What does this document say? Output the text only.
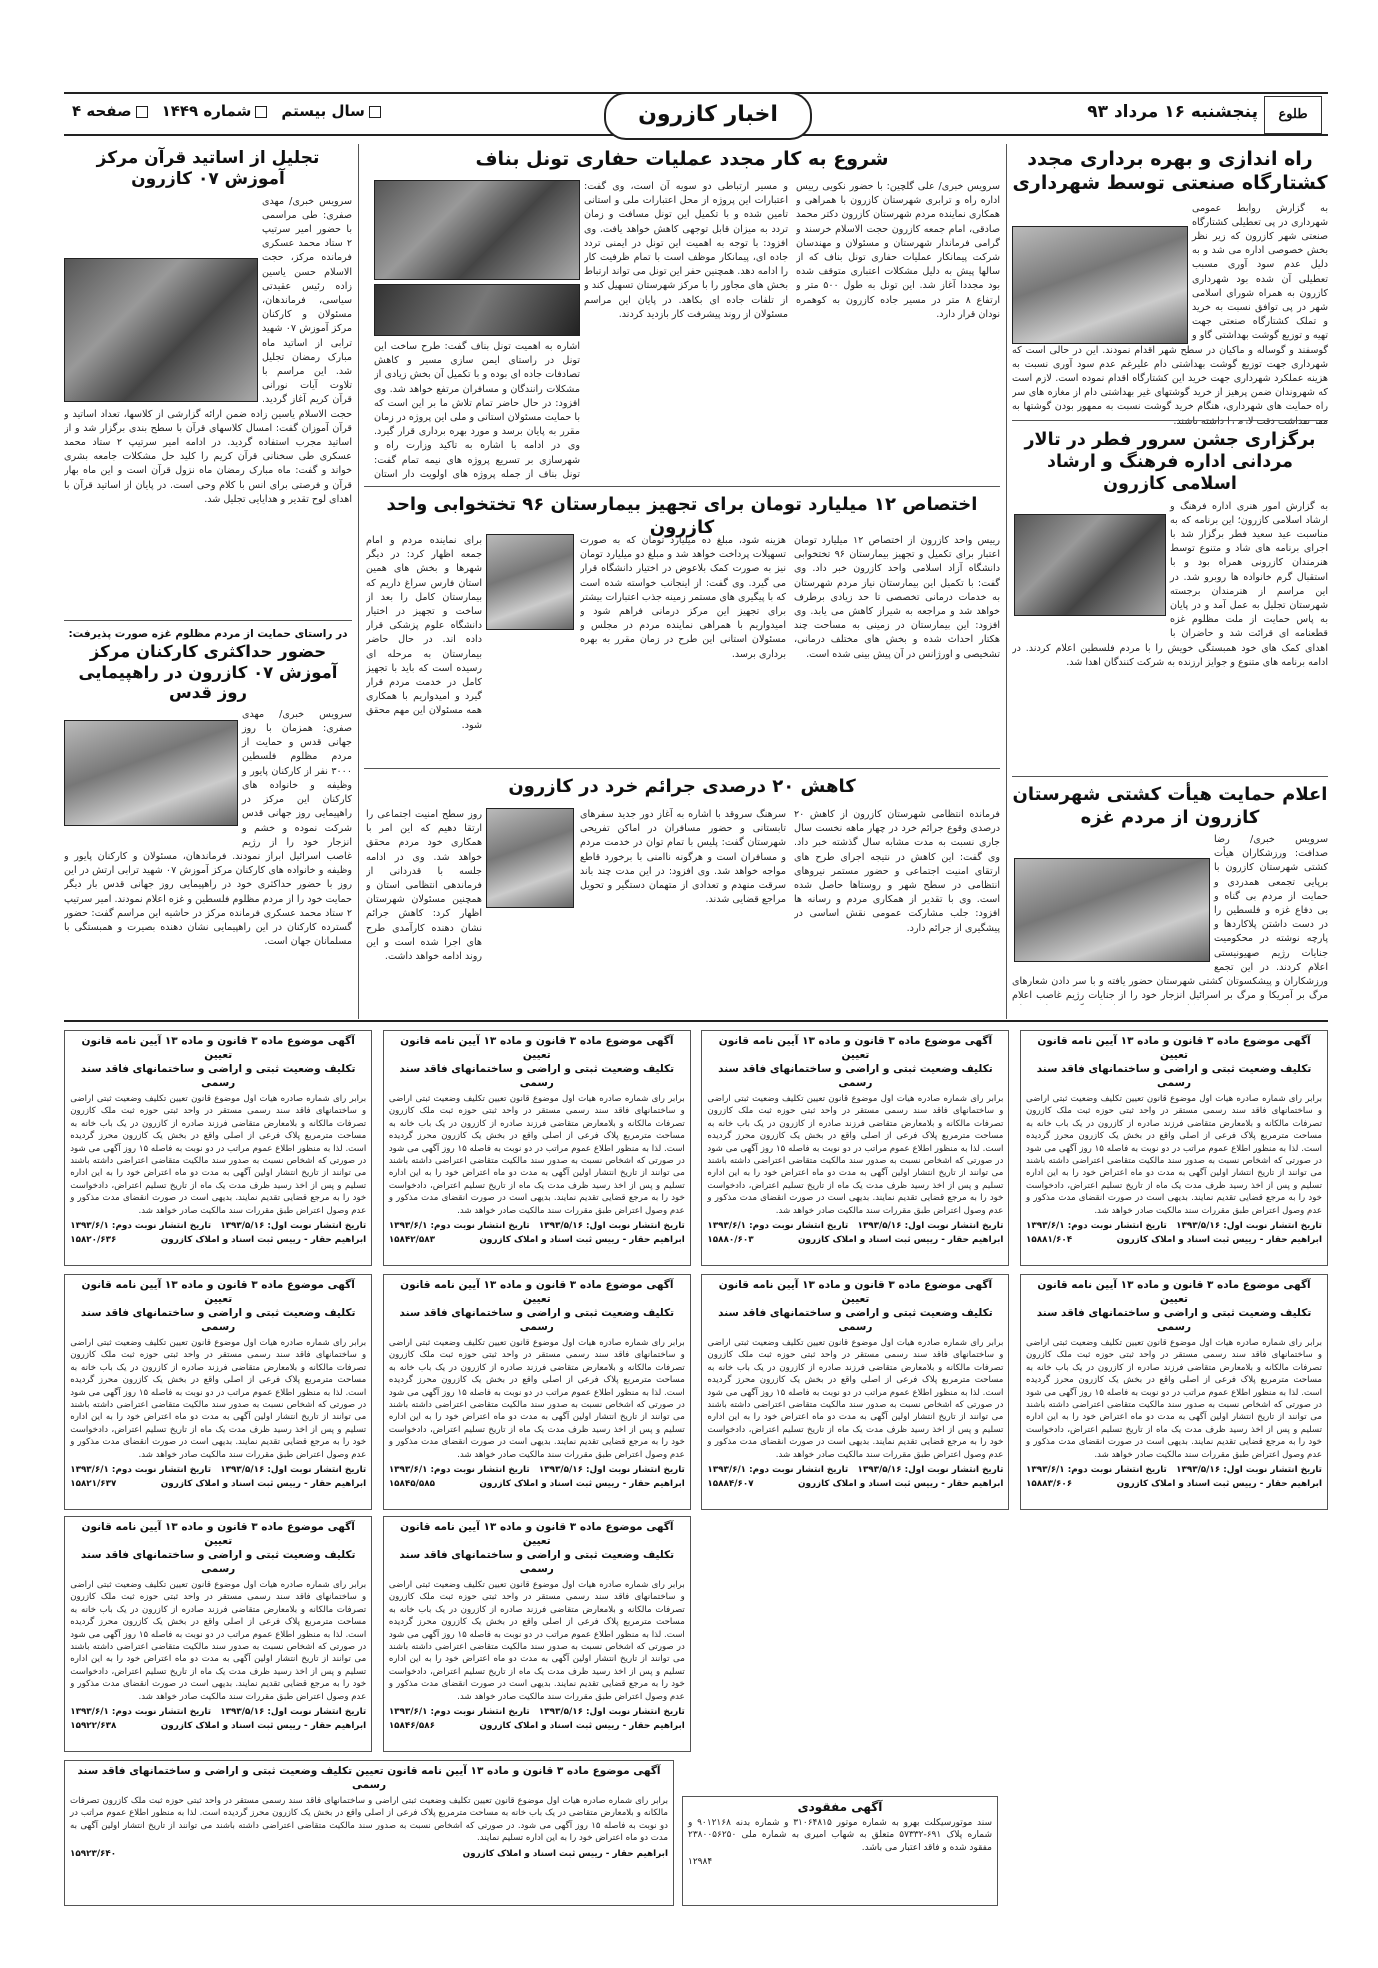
طلوع
پنجشنبه ۱۶ مرداد ۹۳
اخبار کازرون
سال بیستم
شماره ۱۴۴۹
صفحه ۴
راه اندازی و بهره برداری مجدد کشتارگاه صنعتی توسط شهرداری
به گزارش روابط عمومی شهرداری در پی تعطیلی کشتارگاه صنعتی شهر کازرون که زیر نظر بخش خصوصی اداره می شد و به دلیل عدم سود آوری مسبب تعطیلی آن شده بود شهرداری کازرون به همراه شورای اسلامی شهر در پی توافق نسبت به خرید و تملک کشتارگاه صنعتی جهت تهیه و توزیع گوشت بهداشتی گاو و گوسفند و گوساله و ماکیان در سطح شهر اقدام نمودند. این در حالی است که شهرداری جهت توزیع گوشت بهداشتی دام علیرغم عدم سود آوری نسبت به هزینه عملکرد شهرداری جهت خرید این کشتارگاه اقدام نموده است. لازم است که شهروندان ضمن پرهیز از خرید گوشتهای غیر بهداشتی دام از مغازه های سر راه حمایت های شهرداری، هنگام خرید گوشت نسبت به ممهور بودن گوشتها به
برگزاری جشن سرور فطر در تالار مردانی اداره فرهنگ و ارشاد اسلامی کازرون
به گزارش امور هنری اداره فرهنگ و ارشاد اسلامی کازرون؛ این برنامه که به مناسبت عید سعید فطر برگزار شد با اجرای برنامه های شاد و متنوع توسط هنرمندان کازرونی همراه بود و با استقبال گرم خانواده ها روبرو شد. در این مراسم از هنرمندان برجسته شهرستان تجلیل به عمل آمد و در پایان به پاس حمایت از ملت مظلوم غزه قطعنامه ای قرائت شد و حاضران با اهدای کمک های خود همبستگی خویش را با مردم فلسطین اعلام کردند. در ادامه برنامه های متنوع و جوایز ارزنده به شرکت کنندگان اهدا شد.
اعلام حمایت هیأت کشتی شهرستان کازرون از مردم غزه
سرویس خبری/ رضا صدافت: ورزشکاران هیأت کشتی شهرستان کازرون با برپایی تجمعی همدردی و حمایت از مردم بی گناه و بی دفاع غزه و فلسطین را در دست داشتن پلاکاردها و پارچه نوشته در محکومیت جنایات رژیم صهیونیستی اعلام کردند. در این تجمع ورزشکاران و پیشکسوتان کشتی شهرستان حضور یافته و با سر دادن شعارهای مرگ بر آمریکا و مرگ بر اسرائیل انزجار خود را از جنایات رژیم غاصب اعلام
شروع به کار مجدد عملیات حفاری تونل بناف
سرویس خبری/ علی گلچین: با حضور نکویی رییس اداره راه و ترابری شهرستان کازرون با همراهی و همکاری نماینده مردم شهرستان کازرون دکتر محمد صادقی، امام جمعه کازرون حجت الاسلام خرسند و گرامی فرماندار شهرستان و مسئولان و مهندسان شرکت پیمانکار عملیات حفاری تونل بناف که از سالها پیش به دلیل مشکلات اعتباری متوقف شده بود مجددا آغاز شد. این تونل به طول ۵۰۰ متر و ارتفاع ۸ متر در مسیر جاده کازرون به کوهمره نودان قرار دارد.
و مسیر ارتباطی دو سویه آن است، وی گفت: اعتبارات این پروژه از محل اعتبارات ملی و استانی تامین شده و با تکمیل این تونل مسافت و زمان تردد به میزان قابل توجهی کاهش خواهد یافت. وی افزود: با توجه به اهمیت این تونل در ایمنی تردد جاده ای، پیمانکار موظف است با تمام ظرفیت کار را ادامه دهد. همچنین حفر این تونل می تواند ارتباط بخش های مجاور را با مرکز شهرستان تسهیل کند و از تلفات جاده ای بکاهد. در پایان این مراسم مسئولان از روند پیشرفت کار بازدید کردند.
اشاره به اهمیت تونل بناف گفت: طرح ساخت این تونل در راستای ایمن سازی مسیر و کاهش تصادفات جاده ای بوده و با تکمیل آن بخش زیادی از مشکلات رانندگان و مسافران مرتفع خواهد شد. وی افزود: در حال حاضر تمام تلاش ما بر این است که با حمایت مسئولان استانی و ملی این پروژه در زمان مقرر به پایان برسد و مورد بهره برداری قرار گیرد. وی در ادامه با اشاره به تاکید وزارت راه و شهرسازی بر تسریع پروژه های نیمه تمام گفت: تونل بناف از جمله پروژه های اولویت دار استان
اختصاص ۱۲ میلیارد تومان برای تجهیز بیمارستان ۹۶ تختخوابی واحد کازرون
رییس واحد کازرون از اختصاص ۱۲ میلیارد تومان اعتبار برای تکمیل و تجهیز بیمارستان ۹۶ تختخوابی دانشگاه آزاد اسلامی واحد کازرون خبر داد. وی گفت: با تکمیل این بیمارستان نیاز مردم شهرستان به خدمات درمانی تخصصی تا حد زیادی برطرف خواهد شد و مراجعه به شیراز کاهش می یابد. وی افزود: این بیمارستان در زمینی به مساحت چند هکتار احداث شده و بخش های مختلف درمانی، تشخیصی و اورژانس در آن پیش بینی شده است.
هزینه شود، مبلغ ده میلیارد تومان که به صورت تسهیلات پرداخت خواهد شد و مبلغ دو میلیارد تومان نیز به صورت کمک بلاعوض در اختیار دانشگاه قرار می گیرد. وی گفت: از اینجانب خواسته شده است که با پیگیری های مستمر زمینه جذب اعتبارات بیشتر برای تجهیز این مرکز درمانی فراهم شود و امیدواریم با همراهی نماینده مردم در مجلس و مسئولان استانی این طرح در زمان مقرر به بهره برداری برسد.
برای نماینده مردم و امام جمعه اظهار کرد: در دیگر شهرها و بخش های همین استان فارس سراغ داریم که بیمارستان کامل را بعد از ساخت و تجهیز در اختیار دانشگاه علوم پزشکی قرار داده اند. در حال حاضر بیمارستان به مرحله ای رسیده است که باید با تجهیز کامل در خدمت مردم قرار گیرد و امیدواریم با همکاری همه مسئولان این مهم محقق شود.
کاهش ۲۰ درصدی جرائم خرد در کازرون
فرمانده انتظامی شهرستان کازرون از کاهش ۲۰ درصدی وقوع جرائم خرد در چهار ماهه نخست سال جاری نسبت به مدت مشابه سال گذشته خبر داد. وی گفت: این کاهش در نتیجه اجرای طرح های ارتقای امنیت اجتماعی و حضور مستمر نیروهای انتظامی در سطح شهر و روستاها حاصل شده است. وی با تقدیر از همکاری مردم و رسانه ها افزود: جلب مشارکت عمومی نقش اساسی در پیشگیری از جرائم دارد.
سرهنگ سروقد با اشاره به آغاز دور جدید سفرهای تابستانی و حضور مسافران در اماکن تفریحی شهرستان گفت: پلیس با تمام توان در خدمت مردم و مسافران است و هرگونه ناامنی با برخورد قاطع مواجه خواهد شد. وی افزود: در این مدت چند باند سرقت منهدم و تعدادی از متهمان دستگیر و تحویل مراجع قضایی شدند.
روز سطح امنیت اجتماعی را ارتقا دهیم که این امر با همکاری خود مردم محقق خواهد شد. وی در ادامه جلسه با قدردانی از فرماندهی انتظامی استان و همچنین مسئولان شهرستان اظهار کرد: کاهش جرائم نشان دهنده کارآمدی طرح های اجرا شده است و این روند ادامه خواهد داشت.
تجلیل از اساتید قرآن مرکز آموزش ۰۷ کازرون
سرویس خبری/ مهدی صفری: طی مراسمی با حضور امیر سرتیپ ۲ ستاد محمد عسکری فرمانده مرکز، حجت الاسلام حسن یاسین زاده رئیس عقیدتی سیاسی، فرماندهان، مسئولان و کارکنان مرکز آموزش ۰۷ شهید ترابی از اساتید ماه مبارک رمضان تجلیل شد. این مراسم با تلاوت آیات نورانی قرآن کریم آغاز گردید. حجت الاسلام یاسین زاده ضمن ارائه گزارشی از کلاسها، تعداد اساتید و قرآن آموزان گفت: امسال کلاسهای قرآن با سطح بندی برگزار شد و از اساتید مجرب استفاده گردید. در ادامه امیر سرتیپ ۲ ستاد محمد عسکری طی سخنانی قرآن کریم را کلید حل مشکلات جامعه بشری خواند و گفت: ماه مبارک رمضان ماه نزول قرآن است و این ماه بهار قرآن و فرصتی برای انس با کلام وحی است. در پایان از اساتید قرآن با اهدای لوح تقدیر و هدایایی تجلیل شد.
در راستای حمایت از مردم مظلوم غزه صورت پذیرفت:
حضور حداکثری کارکنان مرکز آموزش ۰۷ کازرون در راهپیمایی روز قدس
سرویس خبری/ مهدی صفری: همزمان با روز جهانی قدس و حمایت از مردم مظلوم فلسطین ۳۰۰۰ نفر از کارکنان پایور و وظیفه و خانواده های کارکنان این مرکز در راهپیمایی روز جهانی قدس شرکت نموده و خشم و انزجار خود را از رژیم غاصب اسرائیل ابراز نمودند. فرماندهان، مسئولان و کارکنان پایور و وظیفه و خانواده های کارکنان مرکز آموزش ۰۷ شهید ترابی ارتش در این روز با حضور حداکثری خود در راهپیمایی روز جهانی قدس بار دیگر حمایت خود را از مردم مظلوم فلسطین و غزه اعلام نمودند. امیر سرتیپ ۲ ستاد محمد عسکری فرمانده مرکز در حاشیه این مراسم گفت: حضور گسترده کارکنان در این راهپیمایی نشان دهنده بصیرت و همبستگی با مسلمانان جهان است.
آگهی موضوع ماده ۳ قانون و ماده ۱۳ آیین نامه قانون تعیین
تکلیف وضعیت ثبتی و اراضی و ساختمانهای فاقد سند رسمی
برابر رای شماره صادره هیات اول موضوع قانون تعیین تکلیف وضعیت ثبتی اراضی و ساختمانهای فاقد سند رسمی مستقر در واحد ثبتی حوزه ثبت ملک کازرون تصرفات مالکانه و بلامعارض متقاضی فرزند صادره از کازرون در یک باب خانه به مساحت مترمربع پلاک فرعی از اصلی واقع در بخش یک کازرون محرز گردیده است. لذا به منظور اطلاع عموم مراتب در دو نوبت به فاصله ۱۵ روز آگهی می شود در صورتی که اشخاص نسبت به صدور سند مالکیت متقاضی اعتراضی داشته باشند می توانند از تاریخ انتشار اولین آگهی به مدت دو ماه اعتراض خود را به این اداره تسلیم و پس از اخذ رسید ظرف مدت یک ماه از تاریخ تسلیم اعتراض، دادخواست خود را به مرجع قضایی تقدیم نمایند. بدیهی است در صورت انقضای مدت مذکور و عدم وصول اعتراض طبق مقررات سند مالکیت صادر خواهد شد.
تاریخ انتشار نوبت اول: ۱۳۹۳/۵/۱۶
تاریخ انتشار نوبت دوم: ۱۳۹۳/۶/۱
ابراهیم حقار - رییس ثبت اسناد و املاک کازرون
۱۵۸۸۱/۶۰۴
آگهی موضوع ماده ۳ قانون و ماده ۱۳ آیین نامه قانون تعیین
تکلیف وضعیت ثبتی و اراضی و ساختمانهای فاقد سند رسمی
برابر رای شماره صادره هیات اول موضوع قانون تعیین تکلیف وضعیت ثبتی اراضی و ساختمانهای فاقد سند رسمی مستقر در واحد ثبتی حوزه ثبت ملک کازرون تصرفات مالکانه و بلامعارض متقاضی فرزند صادره از کازرون در یک باب خانه به مساحت مترمربع پلاک فرعی از اصلی واقع در بخش یک کازرون محرز گردیده است. لذا به منظور اطلاع عموم مراتب در دو نوبت به فاصله ۱۵ روز آگهی می شود در صورتی که اشخاص نسبت به صدور سند مالکیت متقاضی اعتراضی داشته باشند می توانند از تاریخ انتشار اولین آگهی به مدت دو ماه اعتراض خود را به این اداره تسلیم و پس از اخذ رسید ظرف مدت یک ماه از تاریخ تسلیم اعتراض، دادخواست خود را به مرجع قضایی تقدیم نمایند. بدیهی است در صورت انقضای مدت مذکور و عدم وصول اعتراض طبق مقررات سند مالکیت صادر خواهد شد.
تاریخ انتشار نوبت اول: ۱۳۹۳/۵/۱۶
تاریخ انتشار نوبت دوم: ۱۳۹۳/۶/۱
ابراهیم حقار - رییس ثبت اسناد و املاک کازرون
۱۵۸۸۰/۶۰۳
آگهی موضوع ماده ۳ قانون و ماده ۱۳ آیین نامه قانون تعیین
تکلیف وضعیت ثبتی و اراضی و ساختمانهای فاقد سند رسمی
برابر رای شماره صادره هیات اول موضوع قانون تعیین تکلیف وضعیت ثبتی اراضی و ساختمانهای فاقد سند رسمی مستقر در واحد ثبتی حوزه ثبت ملک کازرون تصرفات مالکانه و بلامعارض متقاضی فرزند صادره از کازرون در یک باب خانه به مساحت مترمربع پلاک فرعی از اصلی واقع در بخش یک کازرون محرز گردیده است. لذا به منظور اطلاع عموم مراتب در دو نوبت به فاصله ۱۵ روز آگهی می شود در صورتی که اشخاص نسبت به صدور سند مالکیت متقاضی اعتراضی داشته باشند می توانند از تاریخ انتشار اولین آگهی به مدت دو ماه اعتراض خود را به این اداره تسلیم و پس از اخذ رسید ظرف مدت یک ماه از تاریخ تسلیم اعتراض، دادخواست خود را به مرجع قضایی تقدیم نمایند. بدیهی است در صورت انقضای مدت مذکور و عدم وصول اعتراض طبق مقررات سند مالکیت صادر خواهد شد.
تاریخ انتشار نوبت اول: ۱۳۹۳/۵/۱۶
تاریخ انتشار نوبت دوم: ۱۳۹۳/۶/۱
ابراهیم حقار - رییس ثبت اسناد و املاک کازرون
۱۵۸۴۲/۵۸۳
آگهی موضوع ماده ۳ قانون و ماده ۱۳ آیین نامه قانون تعیین
تکلیف وضعیت ثبتی و اراضی و ساختمانهای فاقد سند رسمی
برابر رای شماره صادره هیات اول موضوع قانون تعیین تکلیف وضعیت ثبتی اراضی و ساختمانهای فاقد سند رسمی مستقر در واحد ثبتی حوزه ثبت ملک کازرون تصرفات مالکانه و بلامعارض متقاضی فرزند صادره از کازرون در یک باب خانه به مساحت مترمربع پلاک فرعی از اصلی واقع در بخش یک کازرون محرز گردیده است. لذا به منظور اطلاع عموم مراتب در دو نوبت به فاصله ۱۵ روز آگهی می شود در صورتی که اشخاص نسبت به صدور سند مالکیت متقاضی اعتراضی داشته باشند می توانند از تاریخ انتشار اولین آگهی به مدت دو ماه اعتراض خود را به این اداره تسلیم و پس از اخذ رسید ظرف مدت یک ماه از تاریخ تسلیم اعتراض، دادخواست خود را به مرجع قضایی تقدیم نمایند. بدیهی است در صورت انقضای مدت مذکور و عدم وصول اعتراض طبق مقررات سند مالکیت صادر خواهد شد.
تاریخ انتشار نوبت اول: ۱۳۹۳/۵/۱۶
تاریخ انتشار نوبت دوم: ۱۳۹۳/۶/۱
ابراهیم حقار - رییس ثبت اسناد و املاک کازرون
۱۵۸۲۰/۶۳۶
آگهی موضوع ماده ۳ قانون و ماده ۱۳ آیین نامه قانون تعیین
تکلیف وضعیت ثبتی و اراضی و ساختمانهای فاقد سند رسمی
برابر رای شماره صادره هیات اول موضوع قانون تعیین تکلیف وضعیت ثبتی اراضی و ساختمانهای فاقد سند رسمی مستقر در واحد ثبتی حوزه ثبت ملک کازرون تصرفات مالکانه و بلامعارض متقاضی فرزند صادره از کازرون در یک باب خانه به مساحت مترمربع پلاک فرعی از اصلی واقع در بخش یک کازرون محرز گردیده است. لذا به منظور اطلاع عموم مراتب در دو نوبت به فاصله ۱۵ روز آگهی می شود در صورتی که اشخاص نسبت به صدور سند مالکیت متقاضی اعتراضی داشته باشند می توانند از تاریخ انتشار اولین آگهی به مدت دو ماه اعتراض خود را به این اداره تسلیم و پس از اخذ رسید ظرف مدت یک ماه از تاریخ تسلیم اعتراض، دادخواست خود را به مرجع قضایی تقدیم نمایند. بدیهی است در صورت انقضای مدت مذکور و عدم وصول اعتراض طبق مقررات سند مالکیت صادر خواهد شد.
تاریخ انتشار نوبت اول: ۱۳۹۳/۵/۱۶
تاریخ انتشار نوبت دوم: ۱۳۹۳/۶/۱
ابراهیم حقار - رییس ثبت اسناد و املاک کازرون
۱۵۸۸۳/۶۰۶
آگهی موضوع ماده ۳ قانون و ماده ۱۳ آیین نامه قانون تعیین
تکلیف وضعیت ثبتی و اراضی و ساختمانهای فاقد سند رسمی
برابر رای شماره صادره هیات اول موضوع قانون تعیین تکلیف وضعیت ثبتی اراضی و ساختمانهای فاقد سند رسمی مستقر در واحد ثبتی حوزه ثبت ملک کازرون تصرفات مالکانه و بلامعارض متقاضی فرزند صادره از کازرون در یک باب خانه به مساحت مترمربع پلاک فرعی از اصلی واقع در بخش یک کازرون محرز گردیده است. لذا به منظور اطلاع عموم مراتب در دو نوبت به فاصله ۱۵ روز آگهی می شود در صورتی که اشخاص نسبت به صدور سند مالکیت متقاضی اعتراضی داشته باشند می توانند از تاریخ انتشار اولین آگهی به مدت دو ماه اعتراض خود را به این اداره تسلیم و پس از اخذ رسید ظرف مدت یک ماه از تاریخ تسلیم اعتراض، دادخواست خود را به مرجع قضایی تقدیم نمایند. بدیهی است در صورت انقضای مدت مذکور و عدم وصول اعتراض طبق مقررات سند مالکیت صادر خواهد شد.
تاریخ انتشار نوبت اول: ۱۳۹۳/۵/۱۶
تاریخ انتشار نوبت دوم: ۱۳۹۳/۶/۱
ابراهیم حقار - رییس ثبت اسناد و املاک کازرون
۱۵۸۸۴/۶۰۷
آگهی موضوع ماده ۳ قانون و ماده ۱۳ آیین نامه قانون تعیین
تکلیف وضعیت ثبتی و اراضی و ساختمانهای فاقد سند رسمی
برابر رای شماره صادره هیات اول موضوع قانون تعیین تکلیف وضعیت ثبتی اراضی و ساختمانهای فاقد سند رسمی مستقر در واحد ثبتی حوزه ثبت ملک کازرون تصرفات مالکانه و بلامعارض متقاضی فرزند صادره از کازرون در یک باب خانه به مساحت مترمربع پلاک فرعی از اصلی واقع در بخش یک کازرون محرز گردیده است. لذا به منظور اطلاع عموم مراتب در دو نوبت به فاصله ۱۵ روز آگهی می شود در صورتی که اشخاص نسبت به صدور سند مالکیت متقاضی اعتراضی داشته باشند می توانند از تاریخ انتشار اولین آگهی به مدت دو ماه اعتراض خود را به این اداره تسلیم و پس از اخذ رسید ظرف مدت یک ماه از تاریخ تسلیم اعتراض، دادخواست خود را به مرجع قضایی تقدیم نمایند. بدیهی است در صورت انقضای مدت مذکور و عدم وصول اعتراض طبق مقررات سند مالکیت صادر خواهد شد.
تاریخ انتشار نوبت اول: ۱۳۹۳/۵/۱۶
تاریخ انتشار نوبت دوم: ۱۳۹۳/۶/۱
ابراهیم حقار - رییس ثبت اسناد و املاک کازرون
۱۵۸۴۵/۵۸۵
آگهی موضوع ماده ۳ قانون و ماده ۱۳ آیین نامه قانون تعیین
تکلیف وضعیت ثبتی و اراضی و ساختمانهای فاقد سند رسمی
برابر رای شماره صادره هیات اول موضوع قانون تعیین تکلیف وضعیت ثبتی اراضی و ساختمانهای فاقد سند رسمی مستقر در واحد ثبتی حوزه ثبت ملک کازرون تصرفات مالکانه و بلامعارض متقاضی فرزند صادره از کازرون در یک باب خانه به مساحت مترمربع پلاک فرعی از اصلی واقع در بخش یک کازرون محرز گردیده است. لذا به منظور اطلاع عموم مراتب در دو نوبت به فاصله ۱۵ روز آگهی می شود در صورتی که اشخاص نسبت به صدور سند مالکیت متقاضی اعتراضی داشته باشند می توانند از تاریخ انتشار اولین آگهی به مدت دو ماه اعتراض خود را به این اداره تسلیم و پس از اخذ رسید ظرف مدت یک ماه از تاریخ تسلیم اعتراض، دادخواست خود را به مرجع قضایی تقدیم نمایند. بدیهی است در صورت انقضای مدت مذکور و عدم وصول اعتراض طبق مقررات سند مالکیت صادر خواهد شد.
تاریخ انتشار نوبت اول: ۱۳۹۳/۵/۱۶
تاریخ انتشار نوبت دوم: ۱۳۹۳/۶/۱
ابراهیم حقار - رییس ثبت اسناد و املاک کازرون
۱۵۸۲۱/۶۳۷
آگهی موضوع ماده ۳ قانون و ماده ۱۳ آیین نامه قانون تعیین
تکلیف وضعیت ثبتی و اراضی و ساختمانهای فاقد سند رسمی
برابر رای شماره صادره هیات اول موضوع قانون تعیین تکلیف وضعیت ثبتی اراضی و ساختمانهای فاقد سند رسمی مستقر در واحد ثبتی حوزه ثبت ملک کازرون تصرفات مالکانه و بلامعارض متقاضی فرزند صادره از کازرون در یک باب خانه به مساحت مترمربع پلاک فرعی از اصلی واقع در بخش یک کازرون محرز گردیده است. لذا به منظور اطلاع عموم مراتب در دو نوبت به فاصله ۱۵ روز آگهی می شود در صورتی که اشخاص نسبت به صدور سند مالکیت متقاضی اعتراضی داشته باشند می توانند از تاریخ انتشار اولین آگهی به مدت دو ماه اعتراض خود را به این اداره تسلیم و پس از اخذ رسید ظرف مدت یک ماه از تاریخ تسلیم اعتراض، دادخواست خود را به مرجع قضایی تقدیم نمایند. بدیهی است در صورت انقضای مدت مذکور و عدم وصول اعتراض طبق مقررات سند مالکیت صادر خواهد شد.
تاریخ انتشار نوبت اول: ۱۳۹۳/۵/۱۶
تاریخ انتشار نوبت دوم: ۱۳۹۳/۶/۱
ابراهیم حقار - رییس ثبت اسناد و املاک کازرون
۱۵۸۴۶/۵۸۶
آگهی موضوع ماده ۳ قانون و ماده ۱۳ آیین نامه قانون تعیین
تکلیف وضعیت ثبتی و اراضی و ساختمانهای فاقد سند رسمی
برابر رای شماره صادره هیات اول موضوع قانون تعیین تکلیف وضعیت ثبتی اراضی و ساختمانهای فاقد سند رسمی مستقر در واحد ثبتی حوزه ثبت ملک کازرون تصرفات مالکانه و بلامعارض متقاضی فرزند صادره از کازرون در یک باب خانه به مساحت مترمربع پلاک فرعی از اصلی واقع در بخش یک کازرون محرز گردیده است. لذا به منظور اطلاع عموم مراتب در دو نوبت به فاصله ۱۵ روز آگهی می شود در صورتی که اشخاص نسبت به صدور سند مالکیت متقاضی اعتراضی داشته باشند می توانند از تاریخ انتشار اولین آگهی به مدت دو ماه اعتراض خود را به این اداره تسلیم و پس از اخذ رسید ظرف مدت یک ماه از تاریخ تسلیم اعتراض، دادخواست خود را به مرجع قضایی تقدیم نمایند. بدیهی است در صورت انقضای مدت مذکور و عدم وصول اعتراض طبق مقررات سند مالکیت صادر خواهد شد.
تاریخ انتشار نوبت اول: ۱۳۹۳/۵/۱۶
تاریخ انتشار نوبت دوم: ۱۳۹۳/۶/۱
ابراهیم حقار - رییس ثبت اسناد و املاک کازرون
۱۵۹۲۲/۶۳۸
آگهی موضوع ماده ۳ قانون و ماده ۱۳ آیین نامه قانون تعیین تکلیف وضعیت ثبتی و اراضی و ساختمانهای فاقد سند رسمی
برابر رای شماره صادره هیات اول موضوع قانون تعیین تکلیف وضعیت ثبتی اراضی و ساختمانهای فاقد سند رسمی مستقر در واحد ثبتی حوزه ثبت ملک کازرون تصرفات مالکانه و بلامعارض متقاضی در یک باب خانه به مساحت مترمربع پلاک فرعی از اصلی واقع در بخش یک کازرون محرز گردیده است. لذا به منظور اطلاع عموم مراتب در دو نوبت به فاصله ۱۵ روز آگهی می شود. در صورتی که اشخاص نسبت به صدور سند مالکیت متقاضی اعتراضی داشته باشند می توانند از تاریخ انتشار اولین آگهی به مدت دو ماه اعتراض خود را به این اداره تسلیم نمایند.
ابراهیم حقار - رییس ثبت اسناد و املاک کازرون
۱۵۹۲۳/۶۴۰
آگهی مفقودی
سند موتورسیکلت بهرو به شماره موتور ۳۱۰۶۴۸۱۵ و شماره بدنه ۹۰۱۲۱۶۸ و شماره پلاک ۶۹۱-۵۷۳۳۲ متعلق به شهاب امیری به شماره ملی ۲۳۸۰۰۵۶۲۵۰ مفقود شده و فاقد اعتبار می باشد.
۱۲۹۸۴
